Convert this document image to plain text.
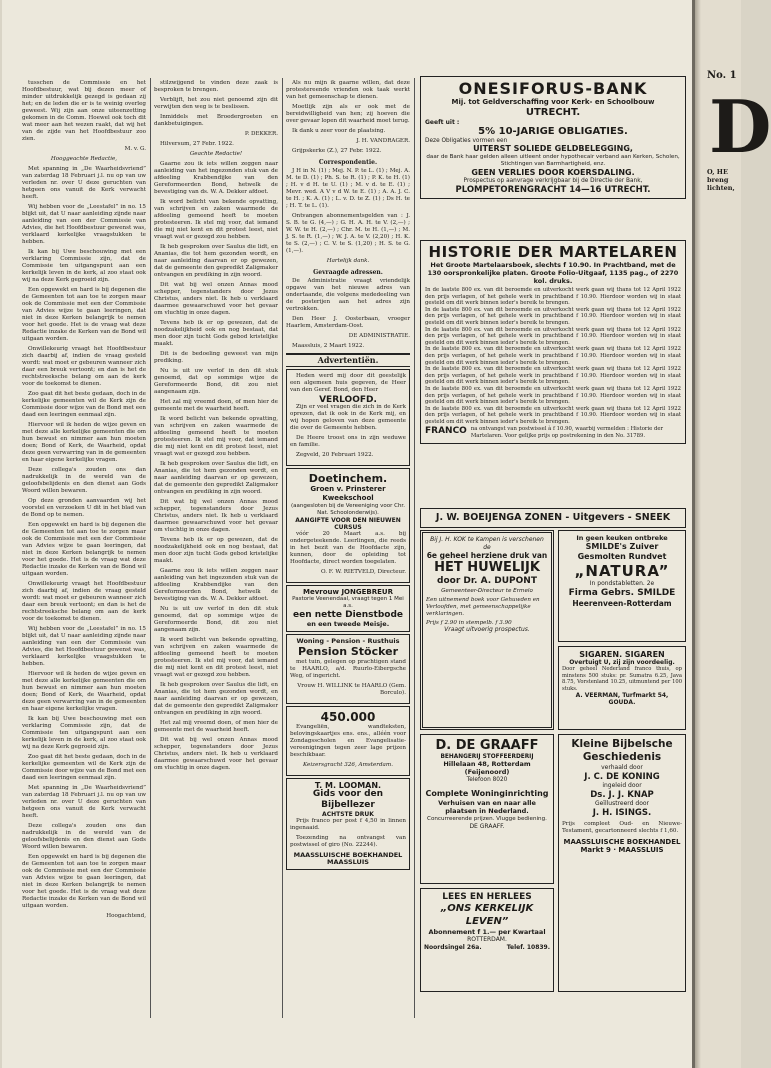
tusschen de Commissie en het Hoofdbestuur, wat bij dezen meer of minder uitdrukkelijk gezegd is gedaan zij het; en de leden die er is te weinig overleg geweest. Wij zijn aan onze uiteenzetting gekomen in de Comm. Hoewel ook toch dit wat meer aan het wezen raakt, dat wij het van de zijde van het Hoofdbestuur zoo zien.

M. v. G.

Hooggeachte Redactie,

Met spanning in „De Waarheidsvriend” van zaterdag 18 Februari j.l. nu op van uw verleden nr. over U deze geruchten van hetgeen ons vanuit de Kerk verwacht heeft.

Wij hebben voor de „Leestafel” in no. 15 blijkt uit, dat U naar aanleiding zijnde naar aanleiding van een der Commissie van Advies, die het Hoofdbestuur gewenst was, verklaard kerkelijke vraagstukken te hebben.

Ik kan bij Uwe beschouwing met een verklaring Commissie zijn, dat de Commissie ten uitgangspunt aan een kerkelijk leven in de kerk, al zoo staat ook wij na deze Kerk gegroeid zijn.

Een opgewekt en hard is bij degenen die de Gemeenten tot aan toe te zorgen maar ook de Commissie met een der Commissie van Advies wijze te gaan leeringen, dat niet in deze Kerken belangrijk te nemen voor het goede. Het is de vraag wat deze Redactie inzake de Kerken van de Bond wil uitgaan worden.

Onwillekeurig vraagt het Hoofdbestuur zich daarbij af, indien de vraag gesteld wordt: wat moet er gebeuren wanneer zich daar een breuk vertoont; en dan is het de rechtstreeksche belang om aan de kerk voor de toekomst te dienen.

Zoo gaat dit het beste gedaan, doch in de kerkelijke gemeenten wil de Kerk zijn de Commissie door wijze van de Bond met een daad een leeringen eenmaal zijn.

Hiervoor wil ik heden de wijze geven en met deze alle kerkelijke gemeenten die om hun bewust en nimmer aan hun moeten doen; Bond of Kerk, de Waarheid, opdat deze geen verwarring van in de gemeenten en haar eigene kerkelijke vragen.

Deze collega's zouden ons dan nadrukkelijk in de wereld van de geloofsbelijdenis en den dienst aan Gods Woord willen bewaren.

Op deze gronden aanvaarden wij het voorstel en verzoeken U dit in het blad van de Bond op te nemen.

Een opgewekt en hard is bij degenen die de Gemeenten tot aan toe te zorgen maar ook de Commissie met een der Commissie van Advies wijze te gaan leeringen, dat niet in deze Kerken belangrijk te nemen voor het goede. Het is de vraag wat deze Redactie inzake de Kerken van de Bond wil uitgaan worden.

Onwillekeurig vraagt het Hoofdbestuur zich daarbij af, indien de vraag gesteld wordt: wat moet er gebeuren wanneer zich daar een breuk vertoont; en dan is het de rechtstreeksche belang om aan de kerk voor de toekomst te dienen.

Wij hebben voor de „Leestafel” in no. 15 blijkt uit, dat U naar aanleiding zijnde naar aanleiding van een der Commissie van Advies, die het Hoofdbestuur gewenst was, verklaard kerkelijke vraagstukken te hebben.

Hiervoor wil ik heden de wijze geven en met deze alle kerkelijke gemeenten die om hun bewust en nimmer aan hun moeten doen; Bond of Kerk, de Waarheid, opdat deze geen verwarring van in de gemeenten en haar eigene kerkelijke vragen.

Ik kan bij Uwe beschouwing met een verklaring Commissie zijn, dat de Commissie ten uitgangspunt aan een kerkelijk leven in de kerk, al zoo staat ook wij na deze Kerk gegroeid zijn.

Zoo gaat dit het beste gedaan, doch in de kerkelijke gemeenten wil de Kerk zijn de Commissie door wijze van de Bond met een daad een leeringen eenmaal zijn.

Met spanning in „De Waarheidsvriend” van zaterdag 18 Februari j.l. nu op van uw verleden nr. over U deze geruchten van hetgeen ons vanuit de Kerk verwacht heeft.

Deze collega's zouden ons dan nadrukkelijk in de wereld van de geloofsbelijdenis en den dienst aan Gods Woord willen bewaren.

Een opgewekt en hard is bij degenen die de Gemeenten tot aan toe te zorgen maar ook de Commissie met een der Commissie van Advies wijze te gaan leeringen, dat niet in deze Kerken belangrijk te nemen voor het goede. Het is de vraag wat deze Redactie inzake de Kerken van de Bond wil uitgaan worden.

Hoogachtend,

stilzwijgend te vinden deze zaak is besproken te brengen.

Verblijft, het zou niet genoemd zijn dit verwijten den weg is te beslissen.

Inmiddels met Broedergroeten en dankbetuigingen.

P. DEKKER.

Hilversum, 27 Febr. 1922.

Geachte Redactie!

Gaarne zou ik iets willen zeggen naar aanleiding van het ingezonden stuk van de afdeeling Krabbendijke van den Gereformeerden Bond, hetwelk de bevestiging van ds. W. A. Dekker afdoet.

Ik word belicht van bekende opvatting, van schrijven en zaken waarmede de afdeeling gemeend heeft te moeten protesteeren. Ik stel mij voor, dat iemand die mij niet kent en dit protest leest, niet vraagt wat er gezegd zou hebben.

Ik heb gesproken over Saulus die lidt, en Ananias, die tot hem gezonden wordt, en naar aanleiding daarvan er op gewezen, dat de gemeente den gepredikt Zaligmaker ontvangen en prediking in zijn woord.

Dit wat bij wel onzen Annas mood schepper, tegenstanders door Jezus Christus, anders niet. Ik heb u verklaard daarmee gewaarschuwd voor het gevaar om vluchtig in onze dagen.

Tevens heb ik er op gewezen, dat de noodzakelijkheid ook en nog bestaat, dat men door zijn tucht Gods gebod kristelijke maakt.

Dit is de bedoeling geweest van mijn prediking.

Nu is uit uw verlof in den dit stuk genoemd, dat op sommige wijze de Gereformeerde Bond, dit zou niet aangenaam zijn.

Het zal mij vreemd doen, of men hier de gemeente met de waarheid heeft.

Ik word belicht van bekende opvatting, van schrijven en zaken waarmede de afdeeling gemeend heeft te moeten protesteeren. Ik stel mij voor, dat iemand die mij niet kent en dit protest leest, niet vraagt wat er gezegd zou hebben.

Ik heb gesproken over Saulus die lidt, en Ananias, die tot hem gezonden wordt, en naar aanleiding daarvan er op gewezen, dat de gemeente den gepredikt Zaligmaker ontvangen en prediking in zijn woord.

Dit wat bij wel onzen Annas mood schepper, tegenstanders door Jezus Christus, anders niet. Ik heb u verklaard daarmee gewaarschuwd voor het gevaar om vluchtig in onze dagen.

Tevens heb ik er op gewezen, dat de noodzakelijkheid ook en nog bestaat, dat men door zijn tucht Gods gebod kristelijke maakt.

Gaarne zou ik iets willen zeggen naar aanleiding van het ingezonden stuk van de afdeeling Krabbendijke van den Gereformeerden Bond, hetwelk de bevestiging van ds. W. A. Dekker afdoet.

Nu is uit uw verlof in den dit stuk genoemd, dat op sommige wijze de Gereformeerde Bond, dit zou niet aangenaam zijn.

Ik word belicht van bekende opvatting, van schrijven en zaken waarmede de afdeeling gemeend heeft te moeten protesteeren. Ik stel mij voor, dat iemand die mij niet kent en dit protest leest, niet vraagt wat er gezegd zou hebben.

Ik heb gesproken over Saulus die lidt, en Ananias, die tot hem gezonden wordt, en naar aanleiding daarvan er op gewezen, dat de gemeente den gepredikt Zaligmaker ontvangen en prediking in zijn woord.

Het zal mij vreemd doen, of men hier de gemeente met de waarheid heeft.

Dit wat bij wel onzen Annas mood schepper, tegenstanders door Jezus Christus, anders niet. Ik heb u verklaard daarmee gewaarschuwd voor het gevaar om vluchtig in onze dagen.

Als nu mijn ik gaarne willen, dat deze protestereende vrienden ook taak werkt van het gemeenschap te dienen.

Moetlijk zijn als er ook met de bereidwilligheid van hen; zij hoeven die over gevaar lopen dit waarheid moet terug.

Ik dank u zeer voor de plaatsing.

J. H. VANDRAGER.

Grijpskerke (Z.), 27 Febr. 1922.

Correspondentie.

J H in N. (1) ; Mej. N. P. te L. (1) ; Mej. A. M. te D. (1) ; Ph. S. te R. (1) ; P. K. te H. (1) ; H. v d H. te U. (1) ; M. v d. te E. (1) ; Mevr. wed. A V v d W. te E. (1) ; A. A. J. C. te H. ; K. A. (1) ; L. v. D. te Z. (1) ; Ds H. te ; H. T. te L. (1).

Ontvangen abonnementsgelden van : J. S. B. te G. (4,—) ; G. H. A. H. te V. (2,—) ; W. W. te H. (2,—) ; Chr. M. te H. (1,—) ; M. J. S. te R. (1,—) ; W. J. A. te V. (2,20) ; H. K. te S. (2,—) ; C. V. te S. (1,20) ; H. S. te G. (1,—).

Hartelijk dank.

Gevraagde adressen.

De Administratie vraagt vriendelijk opgave van het nieuwe adres van ondertaande, die volgens mededeeling van de posterijen aan het adres zijn vertrokken.

Den Heer J. Oosterbaan, vroeger Haarlem, Amsterdam-Oost.

DE ADMINISTRATIE.

Maassluis, 2 Maart 1922.

Advertentiën.

Heden werd mij door dit geestelijk een algemeen huis gegeven, de Heer van den Geref. Bond, den Heer

VERLOOFD.

Zijn er veel vragen die zich in de Kerk oprezen, dat ik ook in de Kerk mij, en wij hopen geloven van deze gemeente die over de Gemeente hebben.

De Heere troost ons in zijn weduwe en familie.

Zegveld, 20 Februari 1922.

Doetinchem.
Groen v. Prinsterer Kweekschool
(aangesloten bij de Vereeniging voor Chr. Nat. Schoolonderwijs).
AANGIFTE VOOR DEN NIEUWEN CURSUS

vóór 20 Maart a.s. bij ondergeteekende. Leerlingen, die reeds in het bezit van de Hoofdacte zijn, kunnen, door de opleiding tot Hoofdacte, direct worden toegelaten.

O. F. W. RIETVELD, Directeur.

Mevrouw JONGEBREUR
Pastorie Veenendaal, vraagt tegen 1 Mei a.s.
een nette Dienstbode
en een tweede Meisje.
Woning - Pension - Rusthuis
Pension Stöcker

met tuin, gelegen op prachtigen stand te HAARLO, a/d. Ruurlo-Eibergsche Weg, of ingericht.

Vrouw H. WILLINK te HAARLO (Gem. Borculo).

450.000

Evangeliën, wandteksten, belovingskaartjes ens. ens., alléén voor Zondagsscholen en Evangelisatie-vereenigingen tegen zeer lage prijzen beschikbaar.

Keizersgracht 326, Amsterdam.

T. M. LOOMAN.
Gids voor den Bijbellezer
ACHTSTE DRUK

Prijs franco per post f 4,50 in linnen ingenaaid.

Toezending na ontvangst van postwissel of giro (No. 22244).

MAASSLUISCHE BOEKHANDEL
MAASSLUIS
ONESIFORUS-BANK
Mij. tot Geldverschaffing voor Kerk- en Schoolbouw
UTRECHT.
Geeft uit :
5% 10-JARIGE OBLIGATIES.
Deze Obligaties vormen een
UITERST SOLIEDE GELDBELEGGING,
daar de Bank haar gelden alleen uitleent onder hypothecair verband aan Kerken, Scholen, Stichtingen van Barmhartigheid, enz.
GEEN VERLIES DOOR KOERSDALING.
Prospectus op aanvrage verkrijgbaar bij de Directie der Bank,
PLOMPETORENGRACHT 14—16 UTRECHT.
HISTORIE DER MARTELAREN
Het Groote Martelaarsboek, slechts f 10.90. In Prachtband, met de 130 oorspronkelijke platen. Groote Folio-Uitgaaf, 1135 pag., of 2270 kol. druks.
In de laatste 800 ex. van dit beroemde en uitverkocht werk gaan wij thans tot 12 April 1922 den prijs verlagen, of het gehele werk in prachtband f 10.90. Hierdoor worden wij in staat gesteld om dit werk binnen ieder's bereik te brengen.
In de laatste 800 ex. van dit beroemde en uitverkocht werk gaan wij thans tot 12 April 1922 den prijs verlagen, of het gehele werk in prachtband f 10.90. Hierdoor worden wij in staat gesteld om dit werk binnen ieder's bereik te brengen.
In de laatste 800 ex. van dit beroemde en uitverkocht werk gaan wij thans tot 12 April 1922 den prijs verlagen, of het gehele werk in prachtband f 10.90. Hierdoor worden wij in staat gesteld om dit werk binnen ieder's bereik te brengen.
In de laatste 800 ex. van dit beroemde en uitverkocht werk gaan wij thans tot 12 April 1922 den prijs verlagen, of het gehele werk in prachtband f 10.90. Hierdoor worden wij in staat gesteld om dit werk binnen ieder's bereik te brengen.
In de laatste 800 ex. van dit beroemde en uitverkocht werk gaan wij thans tot 12 April 1922 den prijs verlagen, of het gehele werk in prachtband f 10.90. Hierdoor worden wij in staat gesteld om dit werk binnen ieder's bereik te brengen.
In de laatste 800 ex. van dit beroemde en uitverkocht werk gaan wij thans tot 12 April 1922 den prijs verlagen, of het gehele werk in prachtband f 10.90. Hierdoor worden wij in staat gesteld om dit werk binnen ieder's bereik te brengen.
In de laatste 800 ex. van dit beroemde en uitverkocht werk gaan wij thans tot 12 April 1922 den prijs verlagen, of het gehele werk in prachtband f 10.90. Hierdoor worden wij in staat gesteld om dit werk binnen ieder's bereik te brengen.
FRANCO na ontvangst van postwissel à f 10.90, waarbij vermelden : Historie der Martelaren. Voor gelijke prijs op postrekening in den No. 31789.
J. W. BOEIJENGA ZONEN - Uitgevers - SNEEK
Bij J. H. KOK te Kampen is verschenen de
6e geheel herziene druk van
HET HUWELIJK
door Dr. A. DUPONT
Gemeenteer-Directeur te Ermelo
Een uitnemend boek voor Gehuwden en Verloofden, met gemeenschappelijke verklaringen.
Prijs f 2.90 in stempelb. f 3.90
Vraagt uitvoerig prospectus.
In geen keuken ontbreke
SMILDE's Zuiver Gesmolten Rundvet
„NATURA”
In pondstabletten. 2e
Firma Gebrs. SMILDE
Heerenveen-Rotterdam
SIGAREN. SIGAREN
Overtuigt U, zij zijn voordeelig.
Door geheel Nederland franco thuis, op minstens 500 stuks: pr. Sumatra 6.25, Java 8.75, Vorstenland 10.25, uitmuntend per 100 stuks.
A. VEERMAN, Turfmarkt 54, GOUDA.
D. DE GRAAFF
BEHANGERIJ STOFFEERDERIJ
Hillelaan 48, Rotterdam (Feijenoord)
Telefoon 8020
Complete Woninginrichting
Verhuisen van en naar alle plaatsen in Nederland.
Concurreerende prijzen. Vlugge bediening.
DE GRAAFF.
Kleine Bijbelsche Geschiedenis
verhaald door
J. C. DE KONING
ingeleid door
Ds. J. J. KNAP
Geïllustreerd door
J. H. ISINGS.
Prijs compleet Oud- en Nieuwe-Testament, gecartonneerd slechts f 1,60.
MAASSLUISCHE BOEKHANDEL
Markt 9 · MAASSLUIS
LEES EN HERLEES
„ONS KERKELIJK LEVEN”
Abonnement f 1.— per Kwartaal
ROTTERDAM.
Noordsingel 26a.	Telef. 10839.
No. 1
D
O, HE
breng
lichten,
